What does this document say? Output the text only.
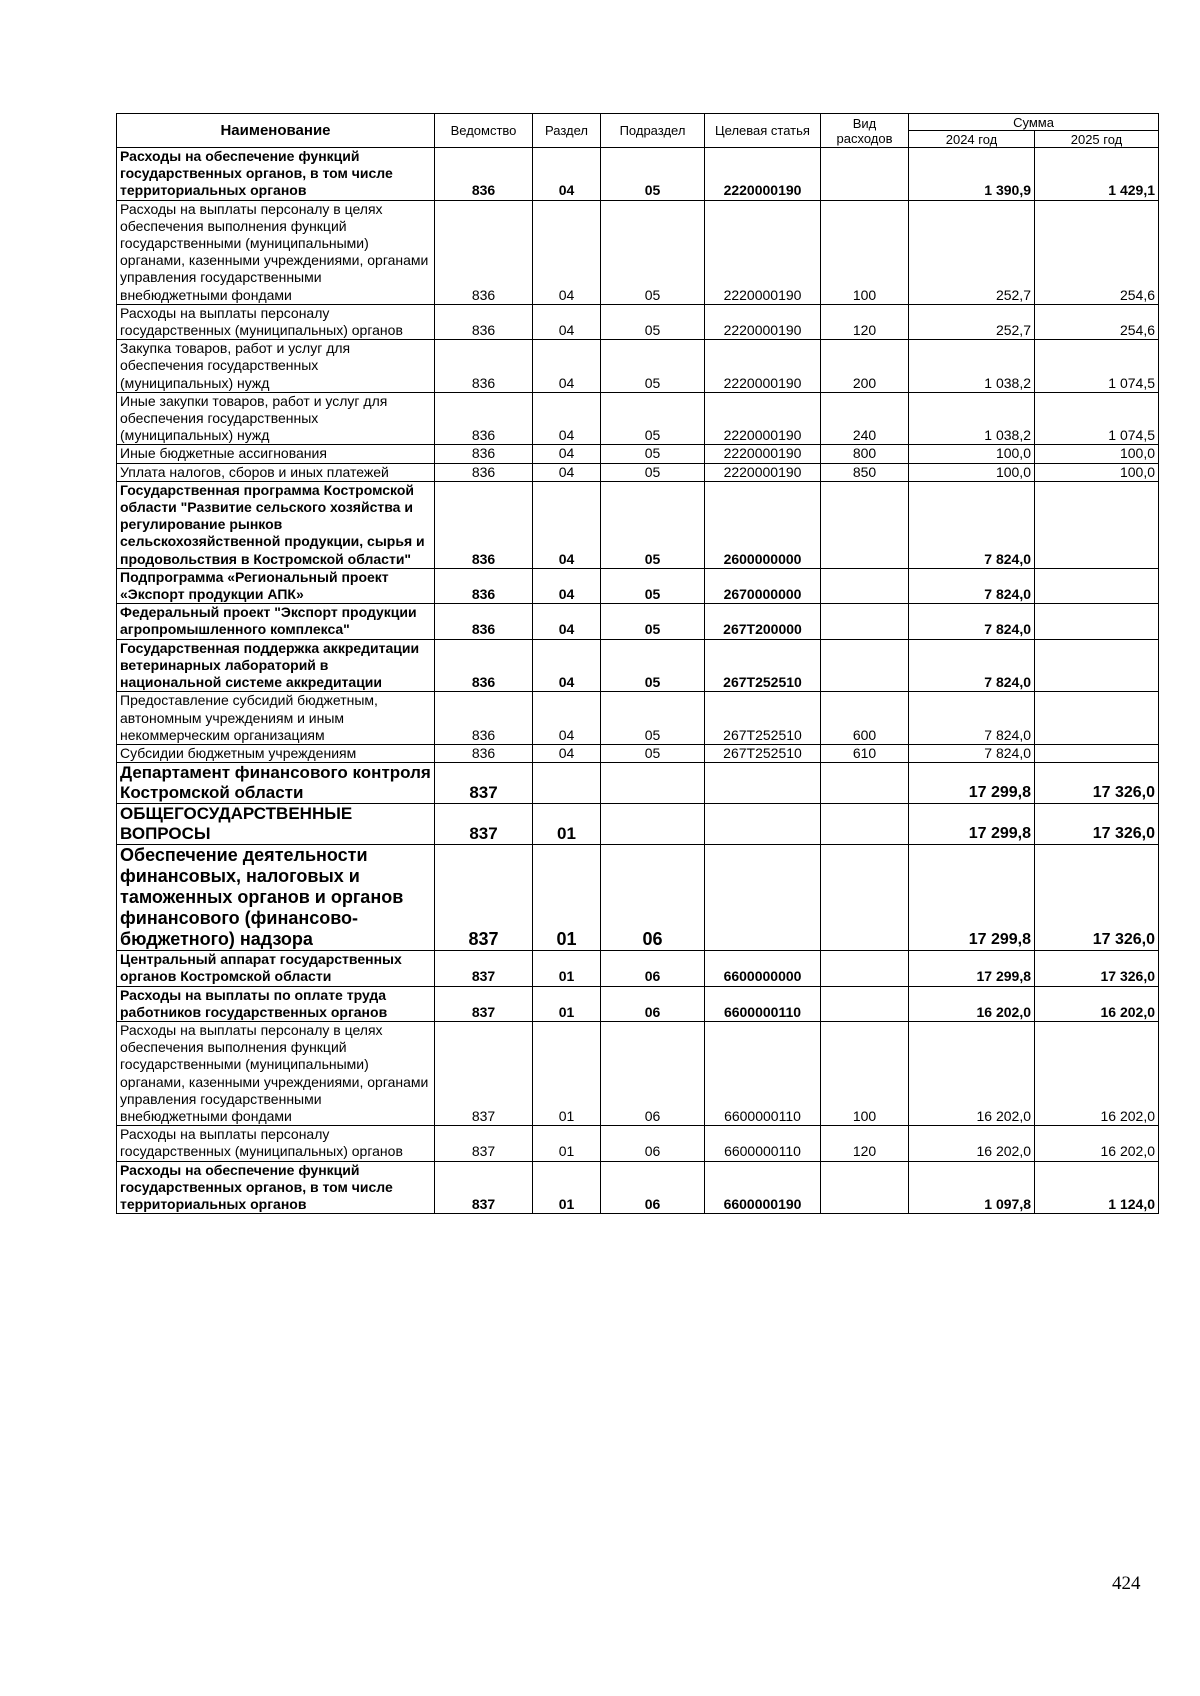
Наименование	Ведомство	Раздел	Подраздел	Целевая статья	Вид расходов	Сумма	
						2024 год	2025 год
Расходы на обеспечение функций государственных органов, в том числе территориальных органов	836	04	05	2220000190		1 390,9	1 429,1
Расходы на выплаты персоналу в целях обеспечения выполнения функций государственными (муниципальными) органами, казенными учреждениями, органами управления государственными внебюджетными фондами	836	04	05	2220000190	100	252,7	254,6
Расходы на выплаты персоналу государственных (муниципальных) органов	836	04	05	2220000190	120	252,7	254,6
Закупка товаров, работ и услуг для обеспечения государственных (муниципальных) нужд	836	04	05	2220000190	200	1 038,2	1 074,5
Иные закупки товаров, работ и услуг для обеспечения государственных (муниципальных) нужд	836	04	05	2220000190	240	1 038,2	1 074,5
Иные бюджетные ассигнования	836	04	05	2220000190	800	100,0	100,0
Уплата налогов, сборов и иных платежей	836	04	05	2220000190	850	100,0	100,0
Государственная программа Костромской области "Развитие сельского хозяйства и регулирование рынков сельскохозяйственной продукции, сырья и продовольствия в Костромской области"	836	04	05	2600000000		7 824,0	
Подпрограмма «Региональный проект «Экспорт продукции АПК»	836	04	05	2670000000		7 824,0	
Федеральный проект "Экспорт продукции агропромышленного комплекса"	836	04	05	267Т200000		7 824,0	
Государственная поддержка аккредитации ветеринарных лабораторий в национальной системе аккредитации	836	04	05	267Т252510		7 824,0	
Предоставление субсидий бюджетным, автономным учреждениям и иным некоммерческим организациям	836	04	05	267Т252510	600	7 824,0	
Субсидии бюджетным учреждениям	836	04	05	267Т252510	610	7 824,0	
Департамент финансового контроля Костромской области	837					17 299,8	17 326,0
ОБЩЕГОСУДАРСТВЕННЫЕ ВОПРОСЫ	837	01				17 299,8	17 326,0
Обеспечение деятельности финансовых, налоговых и таможенных органов и органов финансового (финансово-бюджетного) надзора	837	01	06			17 299,8	17 326,0
Центральный аппарат государственных органов Костромской области	837	01	06	6600000000		17 299,8	17 326,0
Расходы на выплаты по оплате труда работников государственных органов	837	01	06	6600000110		16 202,0	16 202,0
Расходы на выплаты персоналу в целях обеспечения выполнения функций государственными (муниципальными) органами, казенными учреждениями, органами управления государственными внебюджетными фондами	837	01	06	6600000110	100	16 202,0	16 202,0
Расходы на выплаты персоналу государственных (муниципальных) органов	837	01	06	6600000110	120	16 202,0	16 202,0
Расходы на обеспечение функций государственных органов, в том числе территориальных органов	837	01	06	6600000190		1 097,8	1 124,0
424
